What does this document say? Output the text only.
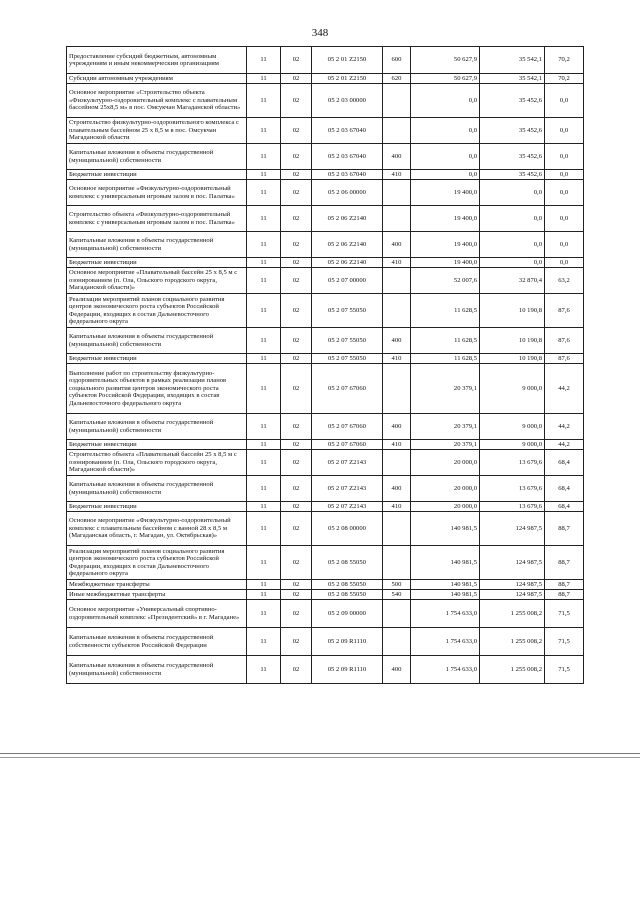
348
Предоставление субсидий бюджетным, автономным учреждениям и иным некоммерческим организациям	11	02	05 2 01 Z2150	600	50 627,9	35 542,1	70,2
Субсидии автономным учреждениям	11	02	05 2 01 Z2150	620	50 627,9	35 542,1	70,2
Основное мероприятие «Строительство объекта «Физкультурно-оздоровительный комплекс с плавательным бассейном 25х8,5 м» в пос. Омсукчан Магаданской области»	11	02	05 2 03 00000		0,0	35 452,6	0,0
Строительство физкультурно-оздоровительного комплекса с плавательным бассейном 25 х 8,5 м в пос. Омсукчан Магаданской области	11	02	05 2 03 67040		0,0	35 452,6	0,0
Капитальные вложения в объекты государственной (муниципальной) собственности	11	02	05 2 03 67040	400	0,0	35 452,6	0,0
Бюджетные инвестиции	11	02	05 2 03 67040	410	0,0	35 452,6	0,0
Основное мероприятие «Физкультурно-оздоровительный комплекс с универсальным игровым залом в пос. Палатка»	11	02	05 2 06 00000		19 400,0	0,0	0,0
Строительство объекта «Физкультурно-оздоровительный комплекс с универсальным игровым залом в пос. Палатка»	11	02	05 2 06 Z2140		19 400,0	0,0	0,0
Капитальные вложения в объекты государственной (муниципальной) собственности	11	02	05 2 06 Z2140	400	19 400,0	0,0	0,0
Бюджетные инвестиции	11	02	05 2 06 Z2140	410	19 400,0	0,0	0,0
Основное мероприятие «Плавательный бассейн 25 х 8,5 м с озонированием (п. Ола, Ольского городского округа, Магаданской области)»	11	02	05 2 07 00000		52 007,6	32 870,4	63,2
Реализация мероприятий планов социального развития центров экономического роста субъектов Российской Федерации, входящих в состав Дальневосточного федерального округа	11	02	05 2 07 55050		11 628,5	10 190,8	87,6
Капитальные вложения в объекты государственной (муниципальной) собственности	11	02	05 2 07 55050	400	11 628,5	10 190,8	87,6
Бюджетные инвестиции	11	02	05 2 07 55050	410	11 628,5	10 190,8	87,6
Выполнение работ по строительству физкультурно-оздоровительных объектов в рамках реализации планов социального развития центров экономического роста субъектов Российской Федерации, входящих в состав Дальневосточного федерального округа	11	02	05 2 07 67060		20 379,1	9 000,0	44,2
Капитальные вложения в объекты государственной (муниципальной) собственности	11	02	05 2 07 67060	400	20 379,1	9 000,0	44,2
Бюджетные инвестиции	11	02	05 2 07 67060	410	20 379,1	9 000,0	44,2
Строительство объекта «Плавательный бассейн 25 х 8,5 м с озонированием (п. Ола, Ольского городского округа, Магаданской области)»	11	02	05 2 07 Z2143		20 000,0	13 679,6	68,4
Капитальные вложения в объекты государственной (муниципальной) собственности	11	02	05 2 07 Z2143	400	20 000,0	13 679,6	68,4
Бюджетные инвестиции	11	02	05 2 07 Z2143	410	20 000,0	13 679,6	68,4
Основное мероприятие «Физкультурно-оздоровительный комплекс с плавательным бассейном с ванной 28 х 8,5 м (Магаданская область, г. Магадан, ул. Октябрьская)»	11	02	05 2 08 00000		140 981,5	124 987,5	88,7
Реализация мероприятий планов социального развития центров экономического роста субъектов Российской Федерации, входящих в состав Дальневосточного федерального округа	11	02	05 2 08 55050		140 981,5	124 987,5	88,7
Межбюджетные трансферты	11	02	05 2 08 55050	500	140 981,5	124 987,5	88,7
Иные межбюджетные трансферты	11	02	05 2 08 55050	540	140 981,5	124 987,5	88,7
Основное мероприятие «Универсальный спортивно-оздоровительный комплекс «Президентский» в г. Магадане»	11	02	05 2 09 00000		1 754 633,0	1 255 008,2	71,5
Капитальные вложения в объекты государственной собственности субъектов Российской Федерации	11	02	05 2 09 R1110		1 754 633,0	1 255 008,2	71,5
Капитальные вложения в объекты государственной (муниципальной) собственности	11	02	05 2 09 R1110	400	1 754 633,0	1 255 008,2	71,5
